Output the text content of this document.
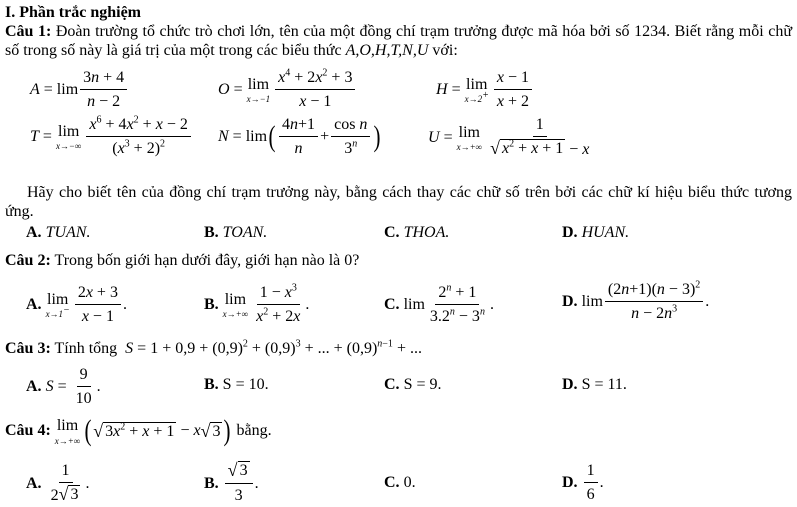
I. Phần trắc nghiệm
Câu 1: Đoàn trường tổ chức trò chơi lớn, tên của một đồng chí trạm trưởng được mã hóa bởi số 1234. Biết rằng mỗi chữ số trong số này là giá trị của một trong các biểu thức A,O,H,T,N,U với:
$A = \lim \frac{3n + 4}{n - 2}$	O = lim
$x\to-1 \frac{x^4 + 2x^2 + 3}{x - 1}$	H = lim
$x\to 2^+ \frac{x - 1}{x + 2}$
T = lim
$x\to-\infty \frac{x^6 + 4x^2 + x - 2}{(x^3 + 2)^2}$ N = lim ( $\frac{4n+1}{n} + \frac{\text{cos n}}{3^n}$ )	U = lim
$x\to+\infty \frac{1}{√ x^2 + x + 1 - x}$
Hãy cho biết tên của đồng chí trạm trưởng này, bằng cách thay các chữ số trên bởi các chữ kí hiệu biểu thức tương ứng.
A. TUAN.	B. TOAN.	C. THOA.	D. HUAN.
Câu 2: Trong bốn giới hạn dưới đây, giới hạn nào là 0?
A.
lim
$x\to 1^- \frac{2x + 3}{x - 1}$ .	B.
lim
$x\to+\infty \frac{1 - x^3}{x^2 + 2x}$ .	C. $\lim \frac{2^n + 1}{3.2^n - 3^n}$ .	D. $\lim \frac{(2n+1)(n - 3)^2}{n - 2n^3}$ .
Câu 3: Tính tổng $S = 1 + 0,9 + (0,9)^2 + (0,9)^3$ + ... + $(0,9)^{n-1}$ + ...
A.
$S = \frac{9}{10}$ .	B. S = 10.	C. S = 9.	D. S = 11.
Câu 4:
lim
x→+∞ ( √ $3x^2 + x + 1 - x$ √ 3 )
bằng.
A.
$\frac{1}{2 √ 3}$ .	B.
$\frac{√ 3}{3}$ .	C. 0.	D.
$\frac{1}{6}$ .
